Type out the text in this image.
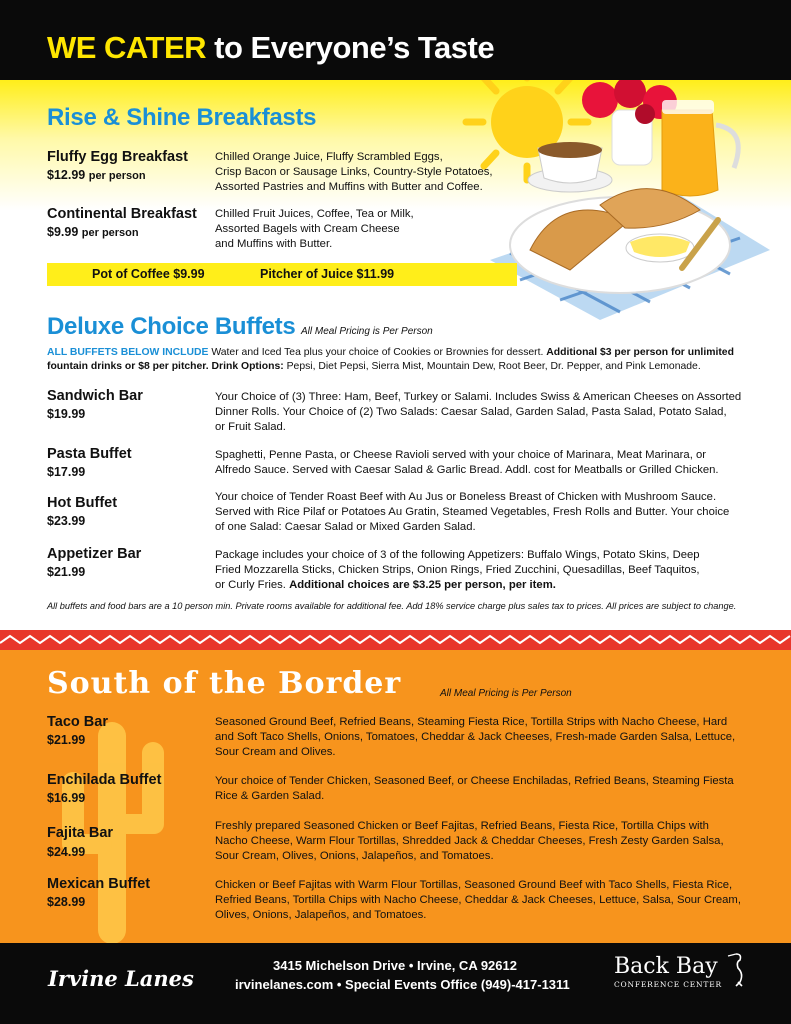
WE CATER to Everyone’s Taste
Rise & Shine Breakfasts
Fluffy Egg Breakfast
$12.99 per person
Chilled Orange Juice, Fluffy Scrambled Eggs,
Crisp Bacon or Sausage Links, Country-Style Potatoes,
Assorted Pastries and Muffins with Butter and Coffee.
Continental Breakfast
$9.99 per person
Chilled Fruit Juices, Coffee, Tea or Milk,
Assorted Bagels with Cream Cheese
and Muffins with Butter.
Pot of Coffee $9.99	Pitcher of Juice $11.99
Deluxe Choice Buffets All Meal Pricing is Per Person
ALL BUFFETS BELOW INCLUDE Water and Iced Tea plus your choice of Cookies or Brownies for dessert. Additional $3 per person for unlimited fountain drinks or $8 per pitcher. Drink Options: Pepsi, Diet Pepsi, Sierra Mist, Mountain Dew, Root Beer, Dr. Pepper, and Pink Lemonade.
Sandwich Bar
$19.99
Your Choice of (3) Three: Ham, Beef, Turkey or Salami. Includes Swiss & American Cheeses on Assorted
Dinner Rolls. Your Choice of (2) Two Salads: Caesar Salad, Garden Salad, Pasta Salad, Potato Salad,
or Fruit Salad.
Pasta Buffet
$17.99
Spaghetti, Penne Pasta, or Cheese Ravioli served with your choice of Marinara, Meat Marinara, or
Alfredo Sauce. Served with Caesar Salad & Garlic Bread. Addl. cost for Meatballs or Grilled Chicken.
Hot Buffet
$23.99
Your choice of Tender Roast Beef with Au Jus or Boneless Breast of Chicken with Mushroom Sauce.
Served with Rice Pilaf or Potatoes Au Gratin, Steamed Vegetables, Fresh Rolls and Butter. Your choice
of one Salad: Caesar Salad or Mixed Garden Salad.
Appetizer Bar
$21.99
Package includes your choice of 3 of the following Appetizers: Buffalo Wings, Potato Skins, Deep
Fried Mozzarella Sticks, Chicken Strips, Onion Rings, Fried Zucchini, Quesadillas, Beef Taquitos,
or Curly Fries. Additional choices are $3.25 per person, per item.
All buffets and food bars are a 10 person min. Private rooms available for additional fee. Add 18% service charge plus sales tax to prices. All prices are subject to change.
South of the Border	All Meal Pricing is Per Person
Taco Bar
$21.99
Seasoned Ground Beef, Refried Beans, Steaming Fiesta Rice, Tortilla Strips with Nacho Cheese, Hard
and Soft Taco Shells, Onions, Tomatoes, Cheddar & Jack Cheeses, Fresh-made Garden Salsa, Lettuce,
Sour Cream and Olives.
Enchilada Buffet
$16.99
Your choice of Tender Chicken, Seasoned Beef, or Cheese Enchiladas, Refried Beans, Steaming Fiesta
Rice & Garden Salad.
Fajita Bar
$24.99
Freshly prepared Seasoned Chicken or Beef Fajitas, Refried Beans, Fiesta Rice, Tortilla Chips with
Nacho Cheese, Warm Flour Tortillas, Shredded Jack & Cheddar Cheeses, Fresh Zesty Garden Salsa,
Sour Cream, Olives, Onions, Jalapeños, and Tomatoes.
Mexican Buffet
$28.99
Chicken or Beef Fajitas with Warm Flour Tortillas, Seasoned Ground Beef with Taco Shells, Fiesta Rice,
Refried Beans, Tortilla Chips with Nacho Cheese, Cheddar & Jack Cheeses, Lettuce, Salsa, Sour Cream,
Olives, Onions, Jalapeños, and Tomatoes.
Irvine Lanes
3415 Michelson Drive • Irvine, CA 92612
irvinelanes.com • Special Events Office (949)-417-1311
Back Bay
CONFERENCE CENTER
